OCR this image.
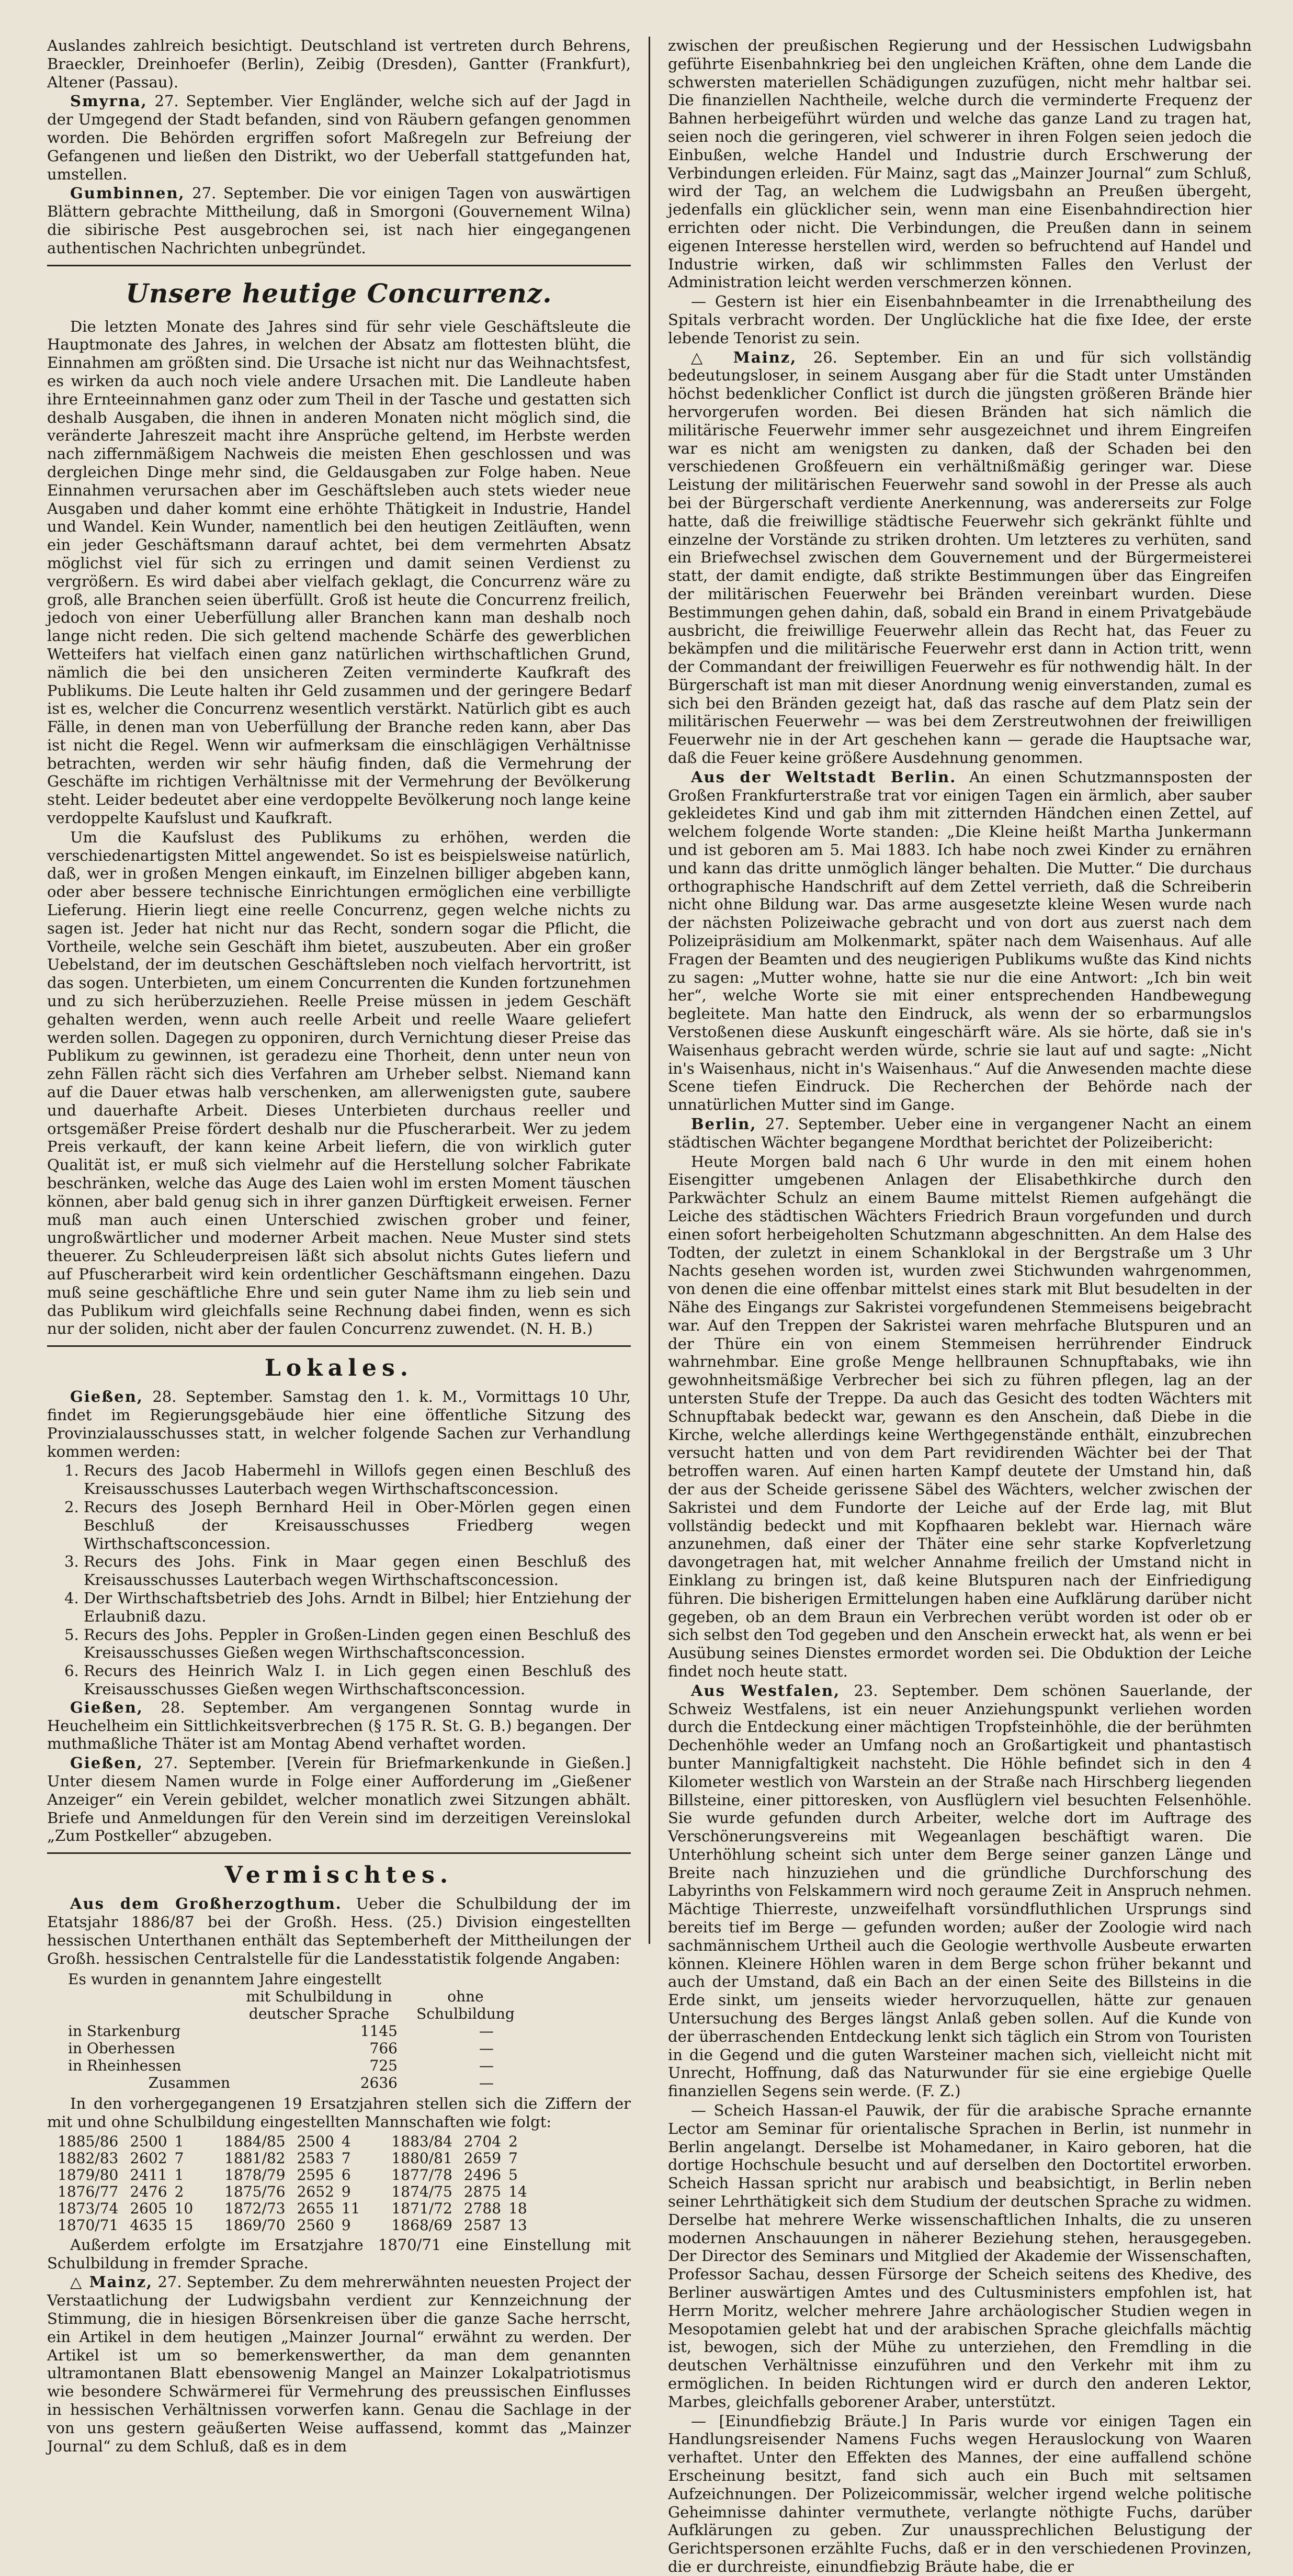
Auslandes zahlreich besichtigt. Deutschland ist vertreten durch Behrens, Braeckler, Dreinhoefer (Berlin), Zeibig (Dresden), Gantter (Frankfurt), Altener (Passau).

Smyrna, 27. September. Vier Engländer, welche sich auf der Jagd in der Umgegend der Stadt befanden, sind von Räubern gefangen genommen worden. Die Behörden ergriffen sofort Maßregeln zur Befreiung der Gefangenen und ließen den Distrikt, wo der Ueberfall stattgefunden hat, umstellen.

Gumbinnen, 27. September. Die vor einigen Tagen von auswärtigen Blättern gebrachte Mittheilung, daß in Smorgoni (Gouvernement Wilna) die sibirische Pest ausgebrochen sei, ist nach hier eingegangenen authentischen Nachrichten unbegründet.

Unsere heutige Concurrenz.

Die letzten Monate des Jahres sind für sehr viele Geschäftsleute die Hauptmonate des Jahres, in welchen der Absatz am flottesten blüht, die Einnahmen am größten sind. Die Ursache ist nicht nur das Weihnachtsfest, es wirken da auch noch viele andere Ursachen mit. Die Landleute haben ihre Ernteeinnahmen ganz oder zum Theil in der Tasche und gestatten sich deshalb Ausgaben, die ihnen in anderen Monaten nicht möglich sind, die veränderte Jahreszeit macht ihre Ansprüche geltend, im Herbste werden nach ziffernmäßigem Nachweis die meisten Ehen geschlossen und was dergleichen Dinge mehr sind, die Geldausgaben zur Folge haben. Neue Einnahmen verursachen aber im Geschäftsleben auch stets wieder neue Ausgaben und daher kommt eine erhöhte Thätigkeit in Industrie, Handel und Wandel. Kein Wunder, namentlich bei den heutigen Zeitläuften, wenn ein jeder Geschäftsmann darauf achtet, bei dem vermehrten Absatz möglichst viel für sich zu erringen und damit seinen Verdienst zu vergrößern. Es wird dabei aber vielfach geklagt, die Concurrenz wäre zu groß, alle Branchen seien überfüllt. Groß ist heute die Concurrenz freilich, jedoch von einer Ueberfüllung aller Branchen kann man deshalb noch lange nicht reden. Die sich geltend machende Schärfe des gewerblichen Wetteifers hat vielfach einen ganz natürlichen wirthschaftlichen Grund, nämlich die bei den unsicheren Zeiten verminderte Kaufkraft des Publikums. Die Leute halten ihr Geld zusammen und der geringere Bedarf ist es, welcher die Concurrenz wesentlich verstärkt. Natürlich gibt es auch Fälle, in denen man von Ueberfüllung der Branche reden kann, aber Das ist nicht die Regel. Wenn wir aufmerksam die einschlägigen Verhältnisse betrachten, werden wir sehr häufig finden, daß die Vermehrung der Geschäfte im richtigen Verhältnisse mit der Vermehrung der Bevölkerung steht. Leider bedeutet aber eine verdoppelte Bevölkerung noch lange keine verdoppelte Kaufslust und Kaufkraft.

Um die Kaufslust des Publikums zu erhöhen, werden die verschiedenartigsten Mittel angewendet. So ist es beispielsweise natürlich, daß, wer in großen Mengen einkauft, im Einzelnen billiger abgeben kann, oder aber bessere technische Einrichtungen ermöglichen eine verbilligte Lieferung. Hierin liegt eine reelle Concurrenz, gegen welche nichts zu sagen ist. Jeder hat nicht nur das Recht, sondern sogar die Pflicht, die Vortheile, welche sein Geschäft ihm bietet, auszubeuten. Aber ein großer Uebelstand, der im deutschen Geschäftsleben noch vielfach hervortritt, ist das sogen. Unterbieten, um einem Concurrenten die Kunden fortzunehmen und zu sich herüberzuziehen. Reelle Preise müssen in jedem Geschäft gehalten werden, wenn auch reelle Arbeit und reelle Waare geliefert werden sollen. Dagegen zu opponiren, durch Vernichtung dieser Preise das Publikum zu gewinnen, ist geradezu eine Thorheit, denn unter neun von zehn Fällen rächt sich dies Verfahren am Urheber selbst. Niemand kann auf die Dauer etwas halb verschenken, am allerwenigsten gute, saubere und dauerhafte Arbeit. Dieses Unterbieten durchaus reeller und ortsgemäßer Preise fördert deshalb nur die Pfuscherarbeit. Wer zu jedem Preis verkauft, der kann keine Arbeit liefern, die von wirklich guter Qualität ist, er muß sich vielmehr auf die Herstellung solcher Fabrikate beschränken, welche das Auge des Laien wohl im ersten Moment täuschen können, aber bald genug sich in ihrer ganzen Dürftigkeit erweisen. Ferner muß man auch einen Unterschied zwischen grober und feiner, ungroßwärtlicher und moderner Arbeit machen. Neue Muster sind stets theuerer. Zu Schleuderpreisen läßt sich absolut nichts Gutes liefern und auf Pfuscherarbeit wird kein ordentlicher Geschäftsmann eingehen. Dazu muß seine geschäftliche Ehre und sein guter Name ihm zu lieb sein und das Publikum wird gleichfalls seine Rechnung dabei finden, wenn es sich nur der soliden, nicht aber der faulen Concurrenz zuwendet. (N. H. B.)

Lokales.

Gießen, 28. September. Samstag den 1. k. M., Vormittags 10 Uhr, findet im Regierungsgebäude hier eine öffentliche Sitzung des Provinzialausschusses statt, in welcher folgende Sachen zur Verhandlung kommen werden:

1. Recurs des Jacob Habermehl in Willofs gegen einen Beschluß des Kreisausschusses Lauterbach wegen Wirthschaftsconcession.
2. Recurs des Joseph Bernhard Heil in Ober-Mörlen gegen einen Beschluß der Kreisausschusses Friedberg wegen Wirthschaftsconcession.
3. Recurs des Johs. Fink in Maar gegen einen Beschluß des Kreisausschusses Lauterbach wegen Wirthschaftsconcession.
4. Der Wirthschaftsbetrieb des Johs. Arndt in Bilbel; hier Entziehung der Erlaubniß dazu.
5. Recurs des Johs. Peppler in Großen-Linden gegen einen Beschluß des Kreisausschusses Gießen wegen Wirthschaftsconcession.
6. Recurs des Heinrich Walz I. in Lich gegen einen Beschluß des Kreisausschusses Gießen wegen Wirthschaftsconcession.

Gießen, 28. September. Am vergangenen Sonntag wurde in Heuchelheim ein Sittlichkeitsverbrechen (§ 175 R. St. G. B.) begangen. Der muthmaßliche Thäter ist am Montag Abend verhaftet worden.

Gießen, 27. September. [Verein für Briefmarkenkunde in Gießen.] Unter diesem Namen wurde in Folge einer Aufforderung im „Gießener Anzeiger“ ein Verein gebildet, welcher monatlich zwei Sitzungen abhält. Briefe und Anmeldungen für den Verein sind im derzeitigen Vereinslokal „Zum Postkeller“ abzugeben.

Vermischtes.

Aus dem Großherzogthum. Ueber die Schulbildung der im Etatsjahr 1886/87 bei der Großh. Hess. (25.) Division eingestellten hessischen Unterthanen enthält das Septemberheft der Mittheilungen der Großh. hessischen Centralstelle für die Landesstatistik folgende Angaben:

Es wurden in genanntem Jahre eingestellt
mit Schulbildung in deutscher Sprache
ohne Schulbildung
in Starkenburg	1145	—
in Oberhessen	766	—
in Rheinhessen	725	—
Zusammen	2636	—

In den vorhergegangenen 19 Ersatzjahren stellen sich die Ziffern der mit und ohne Schulbildung eingestellten Mannschaften wie folgt:

1885/86	2500	1	1884/85	2500	4	1883/84	2704	2
1882/83	2602	7	1881/82	2583	7	1880/81	2659	7
1879/80	2411	1	1878/79	2595	6	1877/78	2496	5
1876/77	2476	2	1875/76	2652	9	1874/75	2875	14
1873/74	2605	10	1872/73	2655	11	1871/72	2788	18
1870/71	4635	15	1869/70	2560	9	1868/69	2587	13

Außerdem erfolgte im Ersatzjahre 1870/71 eine Einstellung mit Schulbildung in fremder Sprache.

△ Mainz, 27. September. Zu dem mehrerwähnten neuesten Project der Verstaatlichung der Ludwigsbahn verdient zur Kennzeichnung der Stimmung, die in hiesigen Börsenkreisen über die ganze Sache herrscht, ein Artikel in dem heutigen „Mainzer Journal“ erwähnt zu werden. Der Artikel ist um so bemerkenswerther, da man dem genannten ultramontanen Blatt ebensowenig Mangel an Mainzer Lokalpatriotismus wie besondere Schwärmerei für Vermehrung des preussischen Einflusses in hessischen Verhältnissen vorwerfen kann. Genau die Sachlage in der von uns gestern geäußerten Weise auffassend, kommt das „Mainzer Journal“ zu dem Schluß, daß es in dem

zwischen der preußischen Regierung und der Hessischen Ludwigsbahn geführte Eisenbahnkrieg bei den ungleichen Kräften, ohne dem Lande die schwersten materiellen Schädigungen zuzufügen, nicht mehr haltbar sei. Die finanziellen Nachtheile, welche durch die verminderte Frequenz der Bahnen herbeigeführt würden und welche das ganze Land zu tragen hat, seien noch die geringeren, viel schwerer in ihren Folgen seien jedoch die Einbußen, welche Handel und Industrie durch Erschwerung der Verbindungen erleiden. Für Mainz, sagt das „Mainzer Journal“ zum Schluß, wird der Tag, an welchem die Ludwigsbahn an Preußen übergeht, jedenfalls ein glücklicher sein, wenn man eine Eisenbahndirection hier errichten oder nicht. Die Verbindungen, die Preußen dann in seinem eigenen Interesse herstellen wird, werden so befruchtend auf Handel und Industrie wirken, daß wir schlimmsten Falles den Verlust der Administration leicht werden verschmerzen können.

— Gestern ist hier ein Eisenbahnbeamter in die Irrenabtheilung des Spitals verbracht worden. Der Unglückliche hat die fixe Idee, der erste lebende Tenorist zu sein.

△ Mainz, 26. September. Ein an und für sich vollständig bedeutungsloser, in seinem Ausgang aber für die Stadt unter Umständen höchst bedenklicher Conflict ist durch die jüngsten größeren Brände hier hervorgerufen worden. Bei diesen Bränden hat sich nämlich die militärische Feuerwehr immer sehr ausgezeichnet und ihrem Eingreifen war es nicht am wenigsten zu danken, daß der Schaden bei den verschiedenen Großfeuern ein verhältnißmäßig geringer war. Diese Leistung der militärischen Feuerwehr sand sowohl in der Presse als auch bei der Bürgerschaft verdiente Anerkennung, was andererseits zur Folge hatte, daß die freiwillige städtische Feuerwehr sich gekränkt fühlte und einzelne der Vorstände zu striken drohten. Um letzteres zu verhüten, sand ein Briefwechsel zwischen dem Gouvernement und der Bürgermeisterei statt, der damit endigte, daß strikte Bestimmungen über das Eingreifen der militärischen Feuerwehr bei Bränden vereinbart wurden. Diese Bestimmungen gehen dahin, daß, sobald ein Brand in einem Privatgebäude ausbricht, die freiwillige Feuerwehr allein das Recht hat, das Feuer zu bekämpfen und die militärische Feuerwehr erst dann in Action tritt, wenn der Commandant der freiwilligen Feuerwehr es für nothwendig hält. In der Bürgerschaft ist man mit dieser Anordnung wenig einverstanden, zumal es sich bei den Bränden gezeigt hat, daß das rasche auf dem Platz sein der militärischen Feuerwehr — was bei dem Zerstreutwohnen der freiwilligen Feuerwehr nie in der Art geschehen kann — gerade die Hauptsache war, daß die Feuer keine größere Ausdehnung genommen.

Aus der Weltstadt Berlin. An einen Schutzmannsposten der Großen Frankfurterstraße trat vor einigen Tagen ein ärmlich, aber sauber gekleidetes Kind und gab ihm mit zitternden Händchen einen Zettel, auf welchem folgende Worte standen: „Die Kleine heißt Martha Junkermann und ist geboren am 5. Mai 1883. Ich habe noch zwei Kinder zu ernähren und kann das dritte unmöglich länger behalten. Die Mutter.“ Die durchaus orthographische Handschrift auf dem Zettel verrieth, daß die Schreiberin nicht ohne Bildung war. Das arme ausgesetzte kleine Wesen wurde nach der nächsten Polizeiwache gebracht und von dort aus zuerst nach dem Polizeipräsidium am Molkenmarkt, später nach dem Waisenhaus. Auf alle Fragen der Beamten und des neugierigen Publikums wußte das Kind nichts zu sagen: „Mutter wohne, hatte sie nur die eine Antwort: „Ich bin weit her“, welche Worte sie mit einer entsprechenden Handbewegung begleitete. Man hatte den Eindruck, als wenn der so erbarmungslos Verstoßenen diese Auskunft eingeschärft wäre. Als sie hörte, daß sie in's Waisenhaus gebracht werden würde, schrie sie laut auf und sagte: „Nicht in's Waisenhaus, nicht in's Waisenhaus.“ Auf die Anwesenden machte diese Scene tiefen Eindruck. Die Recherchen der Behörde nach der unnatürlichen Mutter sind im Gange.

Berlin, 27. September. Ueber eine in vergangener Nacht an einem städtischen Wächter begangene Mordthat berichtet der Polizeibericht:

Heute Morgen bald nach 6 Uhr wurde in den mit einem hohen Eisengitter umgebenen Anlagen der Elisabethkirche durch den Parkwächter Schulz an einem Baume mittelst Riemen aufgehängt die Leiche des städtischen Wächters Friedrich Braun vorgefunden und durch einen sofort herbeigeholten Schutzmann abgeschnitten. An dem Halse des Todten, der zuletzt in einem Schanklokal in der Bergstraße um 3 Uhr Nachts gesehen worden ist, wurden zwei Stichwunden wahrgenommen, von denen die eine offenbar mittelst eines stark mit Blut besudelten in der Nähe des Eingangs zur Sakristei vorgefundenen Stemmeisens beigebracht war. Auf den Treppen der Sakristei waren mehrfache Blutspuren und an der Thüre ein von einem Stemmeisen herrührender Eindruck wahrnehmbar. Eine große Menge hellbraunen Schnupftabaks, wie ihn gewohnheitsmäßige Verbrecher bei sich zu führen pflegen, lag an der untersten Stufe der Treppe. Da auch das Gesicht des todten Wächters mit Schnupftabak bedeckt war, gewann es den Anschein, daß Diebe in die Kirche, welche allerdings keine Werthgegenstände enthält, einzubrechen versucht hatten und von dem Part revidirenden Wächter bei der That betroffen waren. Auf einen harten Kampf deutete der Umstand hin, daß der aus der Scheide gerissene Säbel des Wächters, welcher zwischen der Sakristei und dem Fundorte der Leiche auf der Erde lag, mit Blut vollständig bedeckt und mit Kopfhaaren beklebt war. Hiernach wäre anzunehmen, daß einer der Thäter eine sehr starke Kopfverletzung davongetragen hat, mit welcher Annahme freilich der Umstand nicht in Einklang zu bringen ist, daß keine Blutspuren nach der Einfriedigung führen. Die bisherigen Ermittelungen haben eine Aufklärung darüber nicht gegeben, ob an dem Braun ein Verbrechen verübt worden ist oder ob er sich selbst den Tod gegeben und den Anschein erweckt hat, als wenn er bei Ausübung seines Dienstes ermordet worden sei. Die Obduktion der Leiche findet noch heute statt.

Aus Westfalen, 23. September. Dem schönen Sauerlande, der Schweiz Westfalens, ist ein neuer Anziehungspunkt verliehen worden durch die Entdeckung einer mächtigen Tropfsteinhöhle, die der berühmten Dechenhöhle weder an Umfang noch an Großartigkeit und phantastisch bunter Mannigfaltigkeit nachsteht. Die Höhle befindet sich in den 4 Kilometer westlich von Warstein an der Straße nach Hirschberg liegenden Billsteine, einer pittoresken, von Ausflüglern viel besuchten Felsenhöhle. Sie wurde gefunden durch Arbeiter, welche dort im Auftrage des Verschönerungsvereins mit Wegeanlagen beschäftigt waren. Die Unterhöhlung scheint sich unter dem Berge seiner ganzen Länge und Breite nach hinzuziehen und die gründliche Durchforschung des Labyrinths von Felskammern wird noch geraume Zeit in Anspruch nehmen. Mächtige Thierreste, unzweifelhaft vorsündfluthlichen Ursprungs sind bereits tief im Berge — gefunden worden; außer der Zoologie wird nach sachmännischem Urtheil auch die Geologie werthvolle Ausbeute erwarten können. Kleinere Höhlen waren in dem Berge schon früher bekannt und auch der Umstand, daß ein Bach an der einen Seite des Billsteins in die Erde sinkt, um jenseits wieder hervorzuquellen, hätte zur genauen Untersuchung des Berges längst Anlaß geben sollen. Auf die Kunde von der überraschenden Entdeckung lenkt sich täglich ein Strom von Touristen in die Gegend und die guten Warsteiner machen sich, vielleicht nicht mit Unrecht, Hoffnung, daß das Naturwunder für sie eine ergiebige Quelle finanziellen Segens sein werde. (F. Z.)

— Scheich Hassan-el Pauwik, der für die arabische Sprache ernannte Lector am Seminar für orientalische Sprachen in Berlin, ist nunmehr in Berlin angelangt. Derselbe ist Mohamedaner, in Kairo geboren, hat die dortige Hochschule besucht und auf derselben den Doctortitel erworben. Scheich Hassan spricht nur arabisch und beabsichtigt, in Berlin neben seiner Lehrthätigkeit sich dem Studium der deutschen Sprache zu widmen. Derselbe hat mehrere Werke wissenschaftlichen Inhalts, die zu unseren modernen Anschauungen in näherer Beziehung stehen, herausgegeben. Der Director des Seminars und Mitglied der Akademie der Wissenschaften, Professor Sachau, dessen Fürsorge der Scheich seitens des Khedive, des Berliner auswärtigen Amtes und des Cultusministers empfohlen ist, hat Herrn Moritz, welcher mehrere Jahre archäologischer Studien wegen in Mesopotamien gelebt hat und der arabischen Sprache gleichfalls mächtig ist, bewogen, sich der Mühe zu unterziehen, den Fremdling in die deutschen Verhältnisse einzuführen und den Verkehr mit ihm zu ermöglichen. In beiden Richtungen wird er durch den anderen Lektor, Marbes, gleichfalls geborener Araber, unterstützt.

— [Einundfiebzig Bräute.] In Paris wurde vor einigen Tagen ein Handlungsreisender Namens Fuchs wegen Herauslockung von Waaren verhaftet. Unter den Effekten des Mannes, der eine auffallend schöne Erscheinung besitzt, fand sich auch ein Buch mit seltsamen Aufzeichnungen. Der Polizeicommissär, welcher irgend welche politische Geheimnisse dahinter vermuthete, verlangte nöthigte Fuchs, darüber Aufklärungen zu geben. Zur unaussprechlichen Belustigung der Gerichtspersonen erzählte Fuchs, daß er in den verschiedenen Provinzen, die er durchreiste, einundfiebzig Bräute habe, die er
